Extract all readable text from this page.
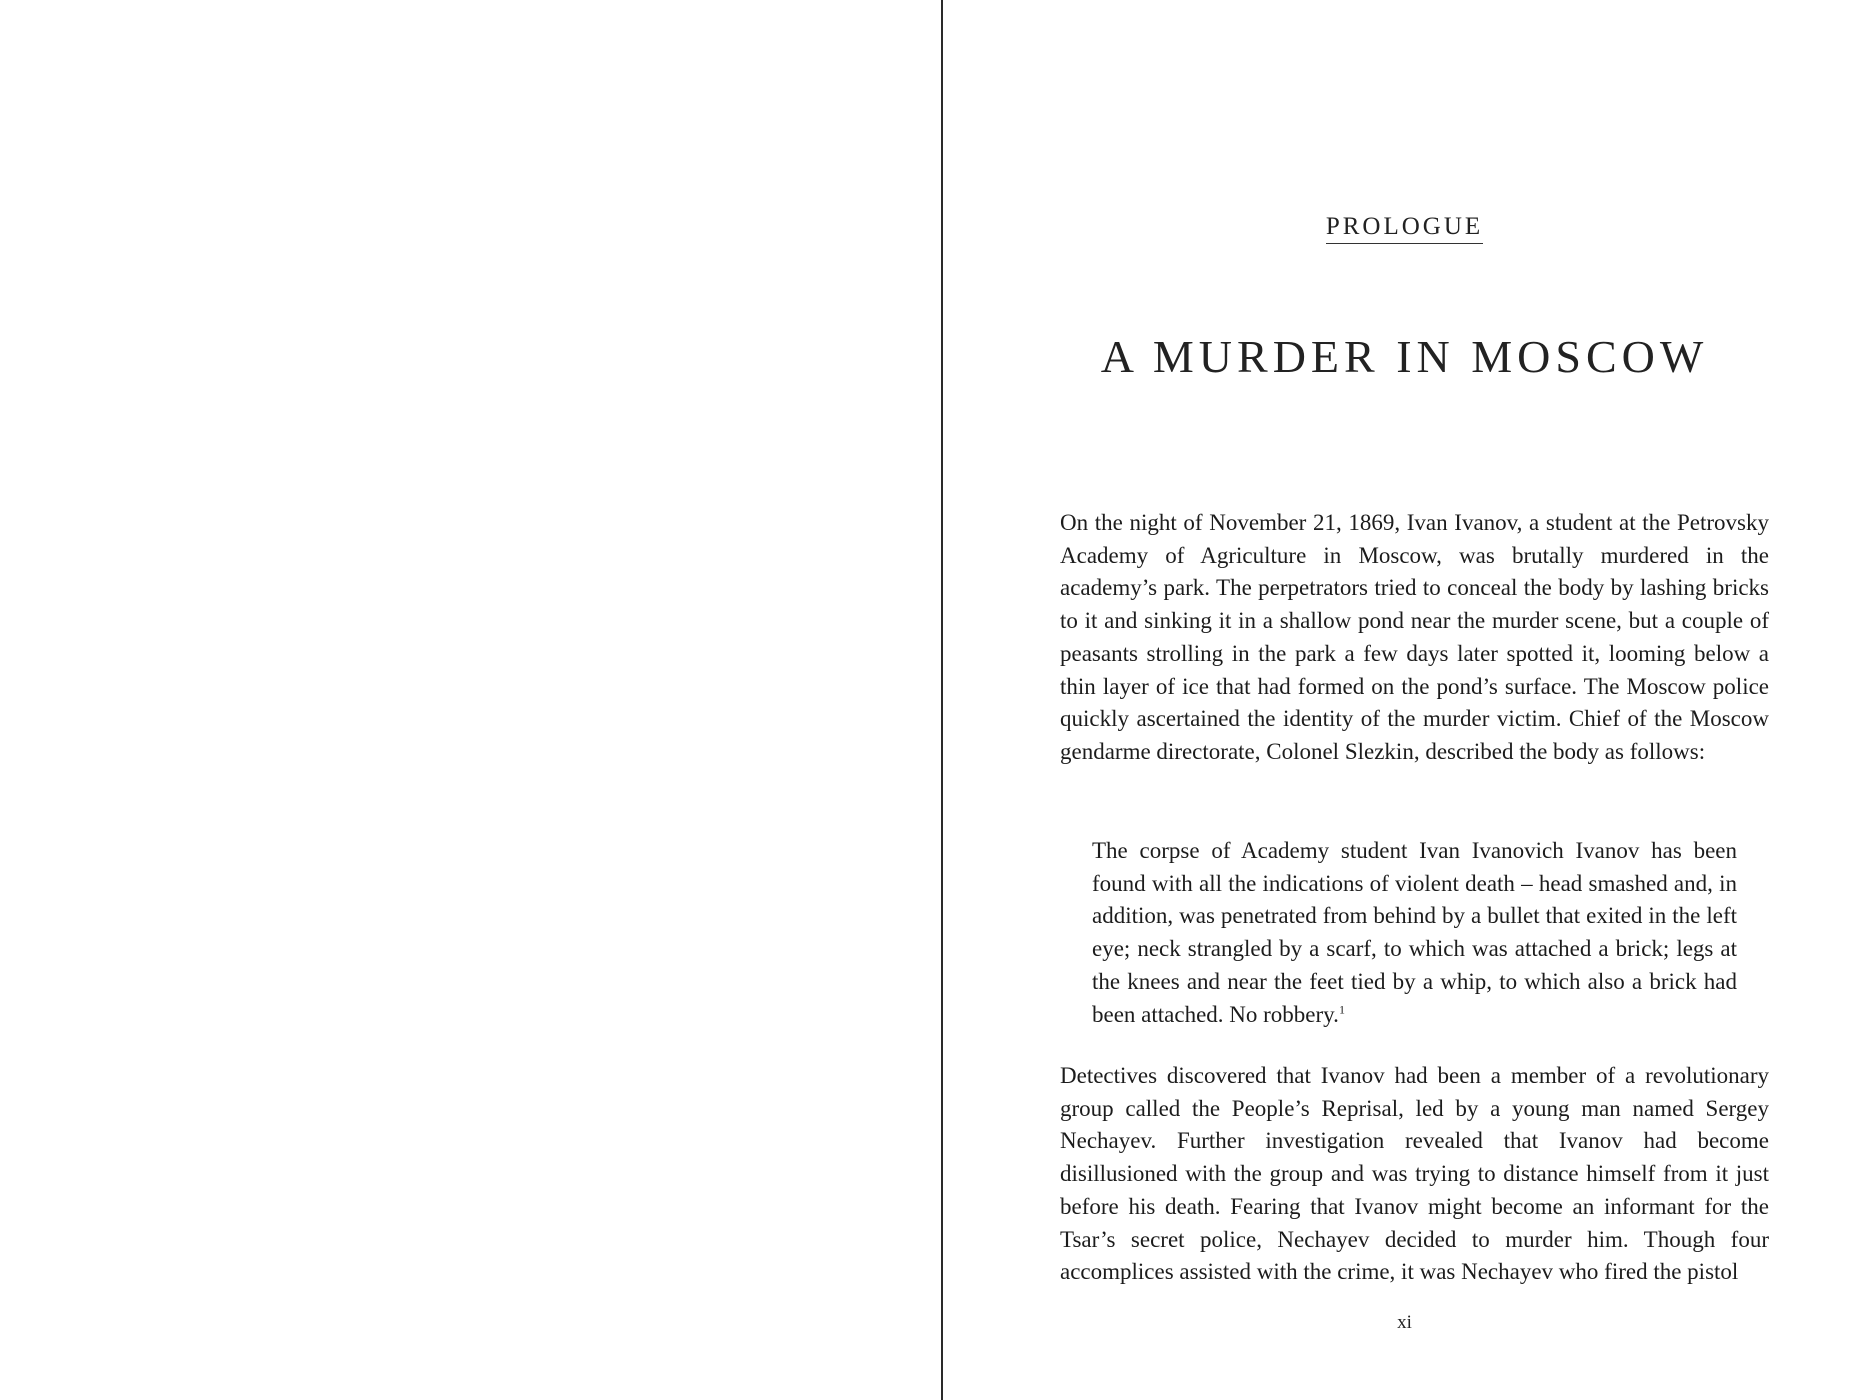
PROLOGUE
A MURDER IN MOSCOW

On the night of November 21, 1869, Ivan Ivanov, a student at the Petrovsky Academy of Agriculture in Moscow, was brutally murdered in the academy’s park. The perpetrators tried to conceal the body by lashing bricks to it and sinking it in a shallow pond near the murder scene, but a couple of peasants strolling in the park a few days later spotted it, looming below a thin layer of ice that had formed on the pond’s surface. The Moscow police quickly ascertained the identity of the murder victim. Chief of the Moscow gendarme directorate, Colonel Slezkin, described the body as follows:

The corpse of Academy student Ivan Ivanovich Ivanov has been found with all the indications of violent death – head smashed and, in addition, was penetrated from behind by a bullet that exited in the left eye; neck strangled by a scarf, to which was attached a brick; legs at the knees and near the feet tied by a whip, to which also a brick had been attached. No robbery.$^1$

Detectives discovered that Ivanov had been a member of a revolutionary group called the People’s Reprisal, led by a young man named Sergey Nechayev. Further investigation revealed that Ivanov had become disillusioned with the group and was trying to distance himself from it just before his death. Fearing that Ivanov might become an informant for the Tsar’s secret police, Nechayev decided to murder him. Though four accomplices assisted with the crime, it was Nechayev who fired the pistol

xi
